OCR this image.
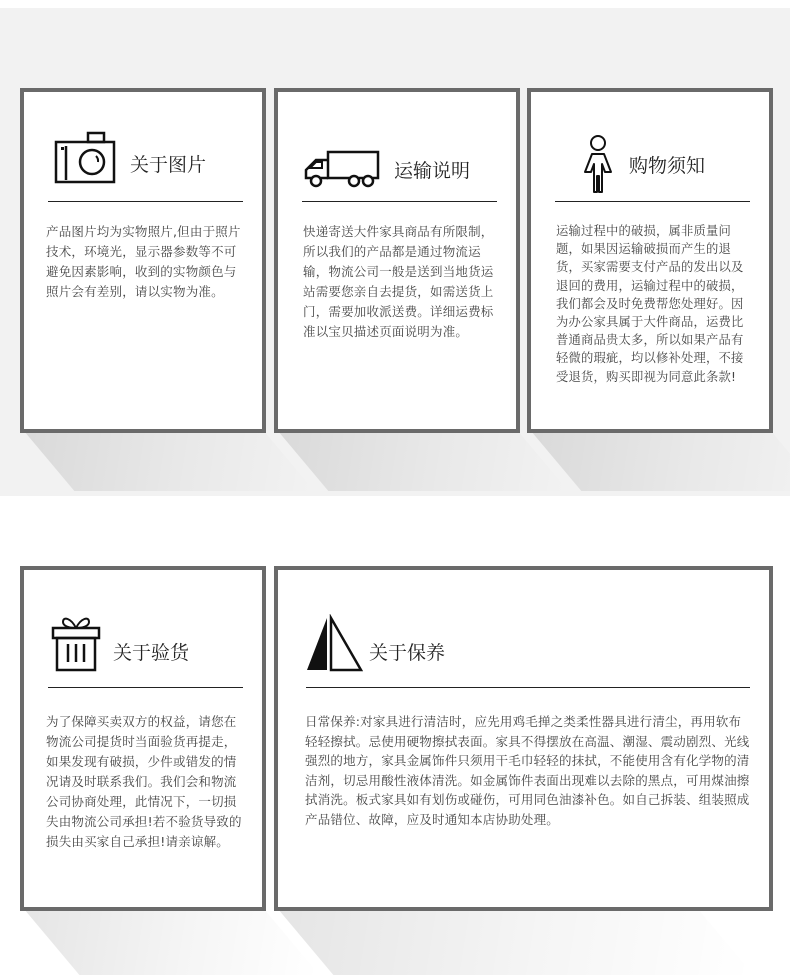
关于图片
产品图片均为实物照片,但由于照片技术，环境光，显示器参数等不可避免因素影响，收到的实物颜色与照片会有差别，请以实物为准。
运输说明
快递寄送大件家具商品有所限制，所以我们的产品都是通过物流运输，物流公司一般是送到当地货运站需要您亲自去提货，如需送货上门，需要加收派送费。详细运费标准以宝贝描述页面说明为准。
购物须知
运输过程中的破损，属非质量问题，如果因运输破损而产生的退货，买家需要支付产品的发出以及退回的费用，运输过程中的破损，我们都会及时免费帮您处理好。因为办公家具属于大件商品，运费比普通商品贵太多，所以如果产品有轻微的瑕疵，均以修补处理，不接受退货，购买即视为同意此条款!
关于验货
为了保障买卖双方的权益，请您在物流公司提货时当面验货再提走，如果发现有破损，少件或错发的情况请及时联系我们。我们会和物流公司协商处理，此情况下，一切损失由物流公司承担!若不验货导致的损失由买家自己承担!请亲谅解。
关于保养
日常保养:对家具进行清洁时，应先用鸡毛掸之类柔性器具进行清尘，再用软布轻轻擦拭。忌使用硬物擦拭表面。家具不得摆放在高温、潮湿、震动剧烈、光线强烈的地方，家具金属饰件只须用干毛巾轻轻的抹拭，不能使用含有化学物的清洁剂，切忌用酸性液体清洗。如金属饰件表面出现难以去除的黑点，可用煤油擦拭消洗。板式家具如有划伤或碰伤，可用同色油漆补色。如自己拆装、组装照成产品错位、故障，应及时通知本店协助处理。
